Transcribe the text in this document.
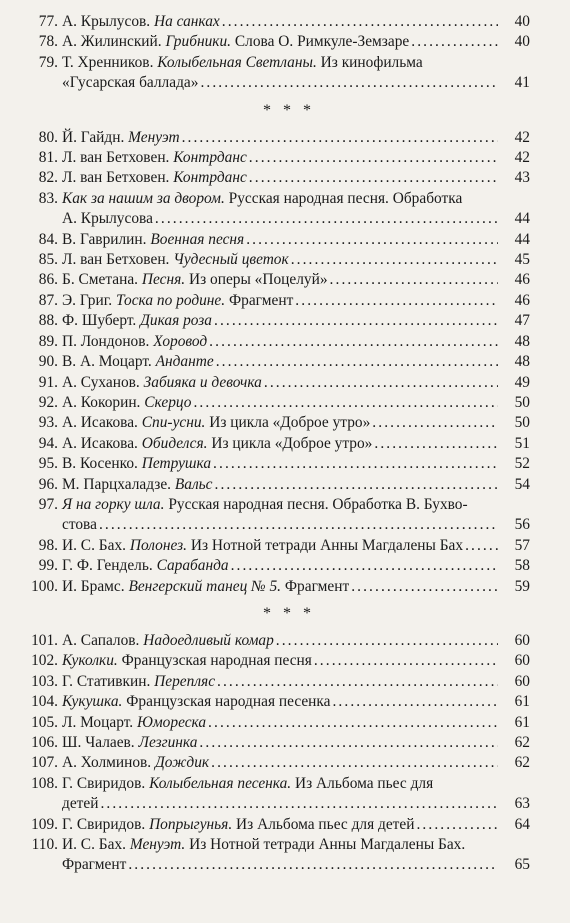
77. А. Крылусов. На санках .....	40
78. А. Жилинский. Грибники. Слова О. Римкуле-Земзаре .....	40
79. Т. Хренников. Колыбельная Светланы. Из кинофильма
«Гусарская баллада» .....	41
* * *
80. Й. Гайдн. Менуэт .....	42
81. Л. ван Бетховен. Контрданс .....	42
82. Л. ван Бетховен. Контрданс .....	43
83. Как за нашим за двором. Русская народная песня. Обработка
А. Крылусова .....	44
84. В. Гаврилин. Военная песня .....	44
85. Л. ван Бетховен. Чудесный цветок .....	45
86. Б. Сметана. Песня. Из оперы «Поцелуй» .....	46
87. Э. Григ. Тоска по родине. Фрагмент .....	46
88. Ф. Шуберт. Дикая роза .....	47
89. П. Лондонов. Хоровод .....	48
90. В. А. Моцарт. Анданте .....	48
91. А. Суханов. Забияка и девочка .....	49
92. А. Кокорин. Скерцо .....	50
93. А. Исакова. Спи-усни. Из цикла «Доброе утро» .....	50
94. А. Исакова. Обиделся. Из цикла «Доброе утро» .....	51
95. В. Косенко. Петрушка .....	52
96. М. Парцхаладзе. Вальс .....	54
97. Я на горку шла. Русская народная песня. Обработка В. Бухво-
стова .....	56
98. И. С. Бах. Полонез. Из Нотной тетради Анны Магдалены Бах .....	57
99. Г. Ф. Гендель. Сарабанда .....	58
100. И. Брамс. Венгерский танец № 5. Фрагмент .....	59
* * *
101. А. Сапалов. Надоедливый комар .....	60
102. Куколки. Французская народная песня .....	60
103. Г. Стативкин. Перепляс .....	60
104. Кукушка. Французская народная песенка .....	61
105. Л. Моцарт. Юмореска .....	61
106. Ш. Чалаев. Лезгинка .....	62
107. А. Холминов. Дождик .....	62
108. Г. Свиридов. Колыбельная песенка. Из Альбома пьес для
детей .....	63
109. Г. Свиридов. Попрыгунья. Из Альбома пьес для детей .....	64
110. И. С. Бах. Менуэт. Из Нотной тетради Анны Магдалены Бах.
Фрагмент .....	65
